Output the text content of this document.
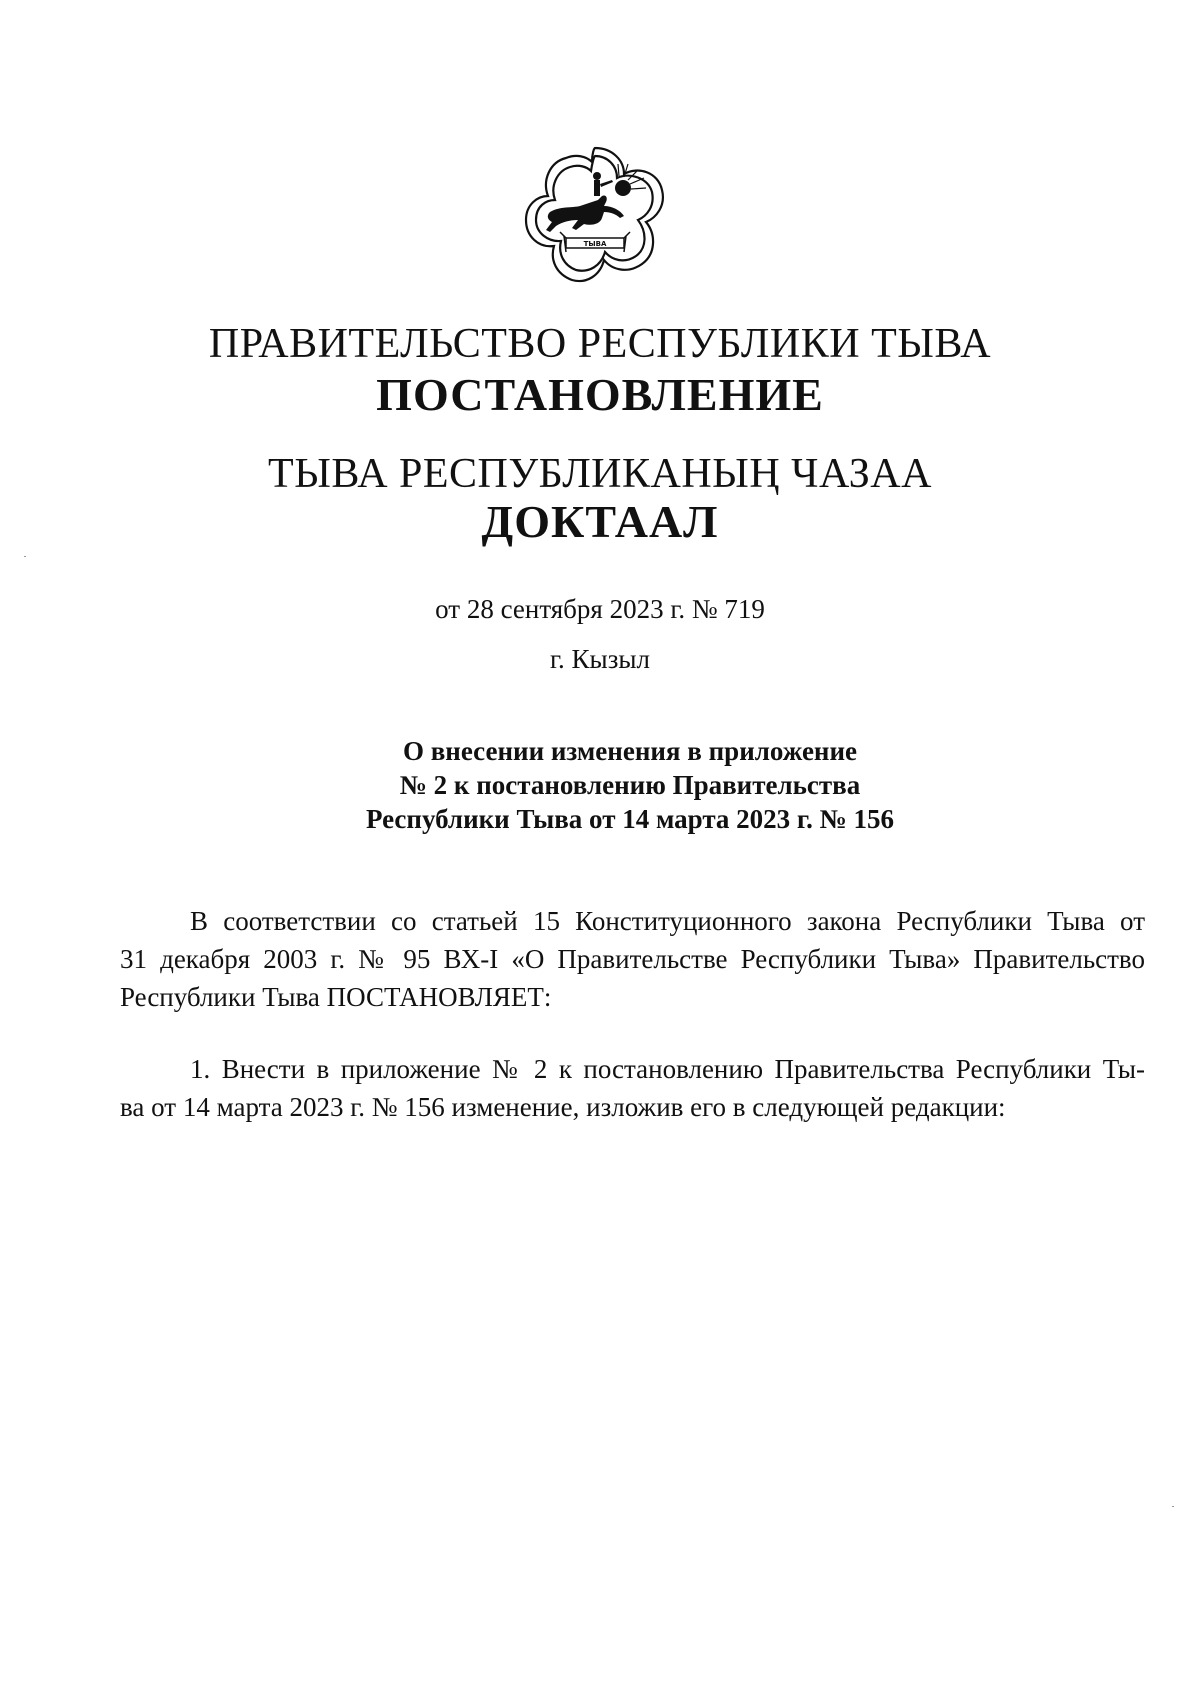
ТЫВА
ПРАВИТЕЛЬСТВО РЕСПУБЛИКИ ТЫВА
ПОСТАНОВЛЕНИЕ
ТЫВА РЕСПУБЛИКАНЫҢ ЧАЗАА
ДОКТААЛ
от 28 сентября 2023 г. № 719
г. Кызыл
О внесении изменения в приложение
№ 2 к постановлению Правительства
Республики Тыва от 14 марта 2023 г. № 156
В соответствии со статьей 15 Конституционного закона Республики Тыва от
31 декабря 2003 г. № 95 ВХ-I «О Правительстве Республики Тыва» Правительство
Республики Тыва ПОСТАНОВЛЯЕТ:
1. Внести в приложение № 2 к постановлению Правительства Республики Ты-
ва от 14 марта 2023 г. № 156 изменение, изложив его в следующей редакции:
